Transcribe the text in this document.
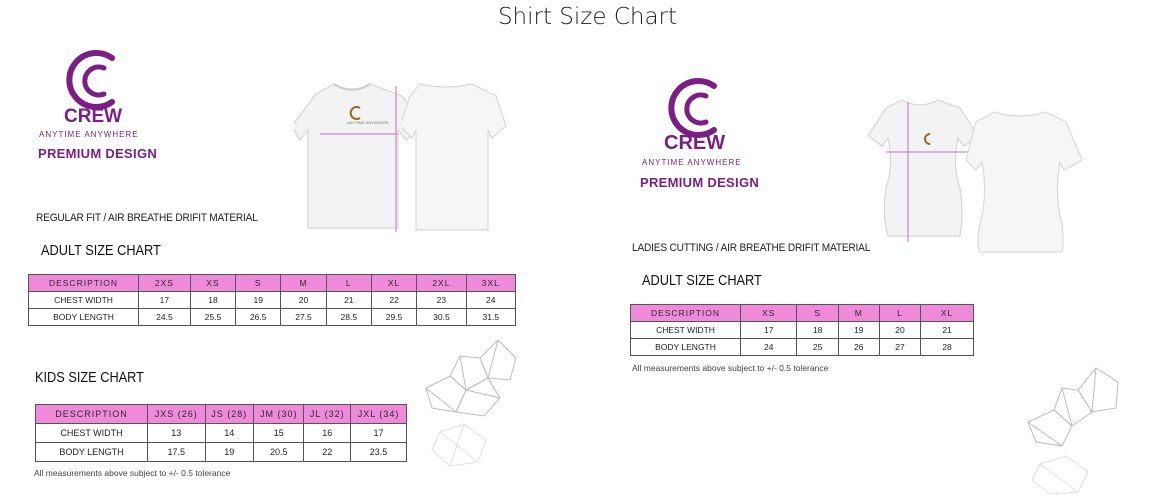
Shirt Size Chart
CREW
ANYTIME ANYWHERE
PREMIUM DESIGN
ANYTIME ANYWHERE
REGULAR FIT / AIR BREATHE DRIFIT MATERIAL
ADULT SIZE CHART
DESCRIPTION	2XS	XS	S	M	L	XL	2XL	3XL
CHEST WIDTH	17	18	19	20	21	22	23	24
BODY LENGTH	24.5	25.5	26.5	27.5	28.5	29.5	30.5	31.5
KIDS SIZE CHART
DESCRIPTION	JXS (26)	JS (28)	JM (30)	JL (32)	JXL (34)
CHEST WIDTH	13	14	15	16	17
BODY LENGTH	17.5	19	20.5	22	23.5
All measurements above subject to +/- 0.5 tolerance
CREW
ANYTIME ANYWHERE
PREMIUM DESIGN
LADIES CUTTING / AIR BREATHE DRIFIT MATERIAL
ADULT SIZE CHART
DESCRIPTION	XS	S	M	L	XL
CHEST WIDTH	17	18	19	20	21
BODY LENGTH	24	25	26	27	28
All measurements above subject to +/- 0.5 tolerance
